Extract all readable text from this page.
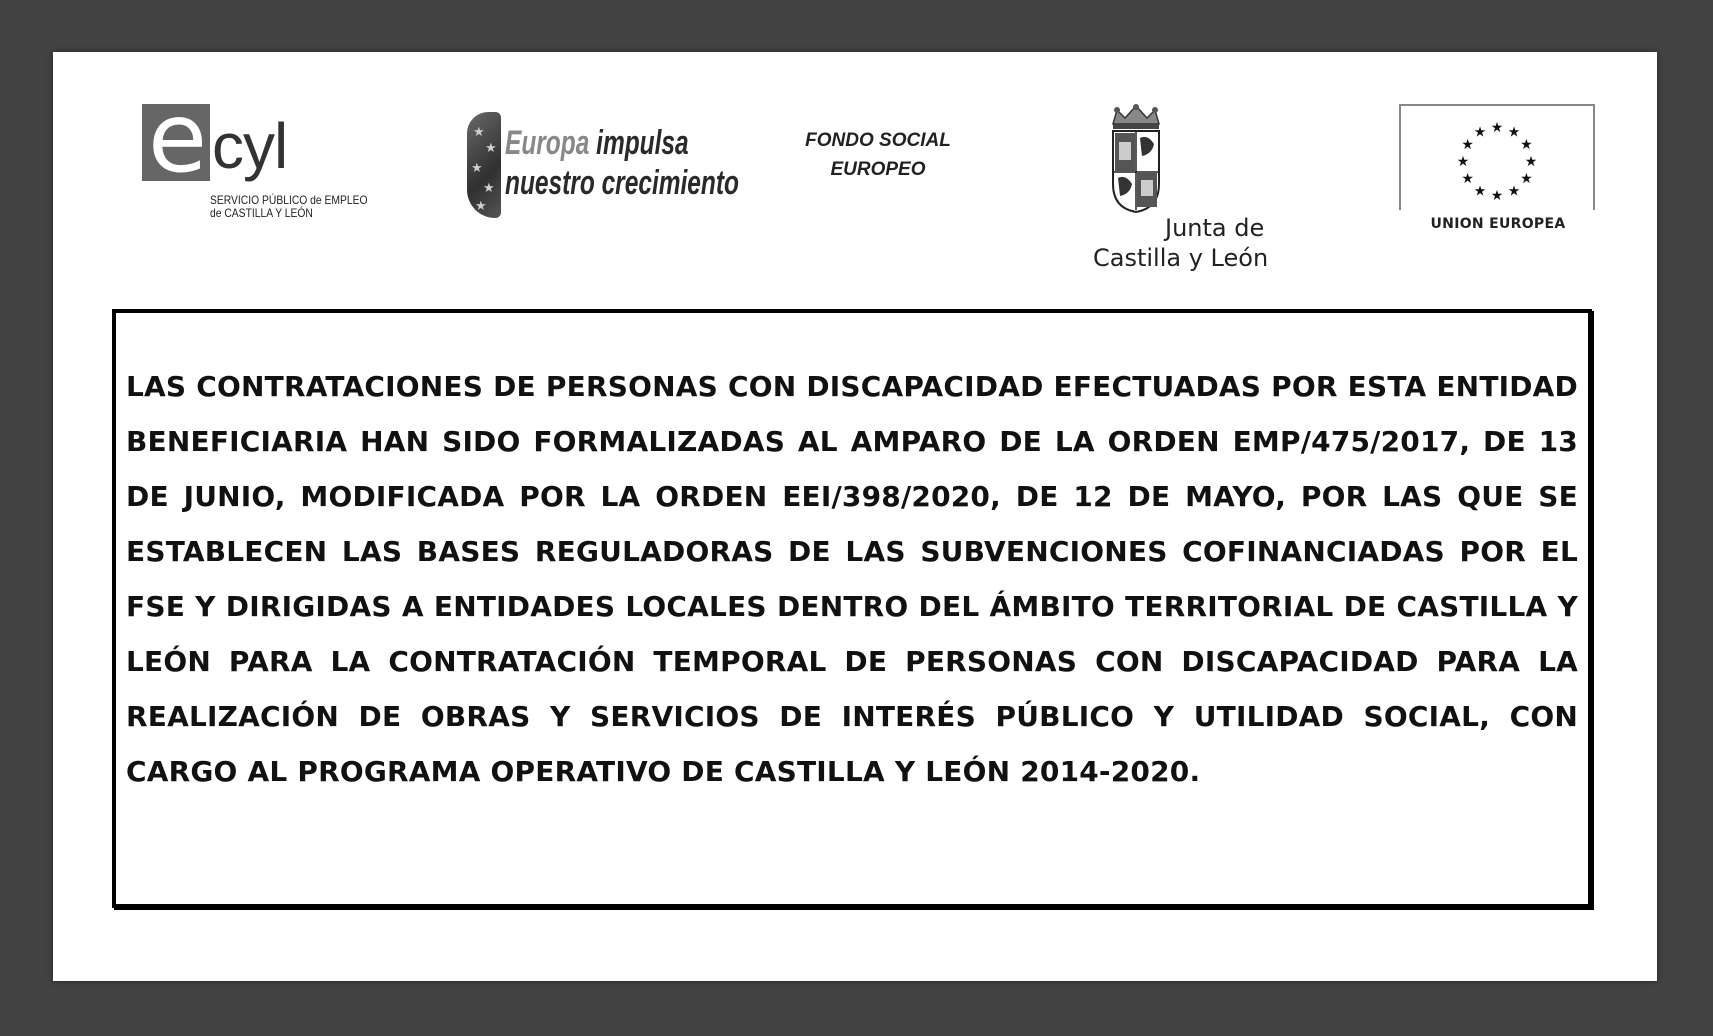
e cyl
SERVICIO PÚBLICO de EMPLEO
de CASTILLA Y LEÓN
★
★
★
★
★
Europa impulsa
nuestro crecimiento
FONDO SOCIAL
EUROPEO
Junta de
Castilla y León
★ ★
★
★
★
★
★
★
★
★
★
★
UNION EUROPEA

LAS CONTRATACIONES DE PERSONAS CON DISCAPACIDAD EFECTUADAS POR ESTA ENTIDAD BENEFICIARIA HAN SIDO FORMALIZADAS AL AMPARO DE LA ORDEN EMP/475/2017, DE 13 DE JUNIO, MODIFICADA POR LA ORDEN EEI/398/2020, DE 12 DE MAYO, POR LAS QUE SE ESTABLECEN LAS BASES REGULADORAS DE LAS SUBVENCIONES COFINANCIADAS POR EL FSE Y DIRIGIDAS A ENTIDADES LOCALES DENTRO DEL ÁMBITO TERRITORIAL DE CASTILLA Y LEÓN PARA LA CONTRATACIÓN TEMPORAL DE PERSONAS CON DISCAPACIDAD PARA LA REALIZACIÓN DE OBRAS Y SERVICIOS DE INTERÉS PÚBLICO Y UTILIDAD SOCIAL, CON CARGO AL PROGRAMA OPERATIVO DE CASTILLA Y LEÓN 2014-2020.
